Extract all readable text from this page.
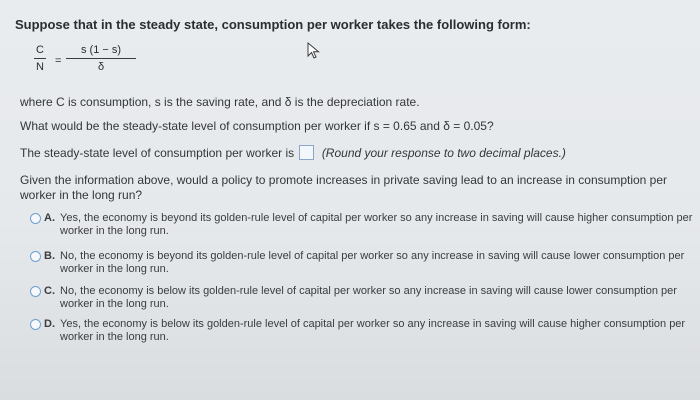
Suppose that in the steady state, consumption per worker takes the following form:
C
N =
s (1 − s)
δ
where C is consumption, s is the saving rate, and δ is the depreciation rate.
What would be the steady-state level of consumption per worker if s = 0.65 and δ = 0.05?
The steady-state level of consumption per worker is (Round your response to two decimal places.)
Given the information above, would a policy to promote increases in private saving lead to an increase in consumption per worker in the long run?
A. Yes, the economy is beyond its golden-rule level of capital per worker so any increase in saving will cause higher consumption per
worker in the long run.
B. No, the economy is beyond its golden-rule level of capital per worker so any increase in saving will cause lower consumption per
worker in the long run.
C. No, the economy is below its golden-rule level of capital per worker so any increase in saving will cause lower consumption per
worker in the long run.
D. Yes, the economy is below its golden-rule level of capital per worker so any increase in saving will cause higher consumption per
worker in the long run.
